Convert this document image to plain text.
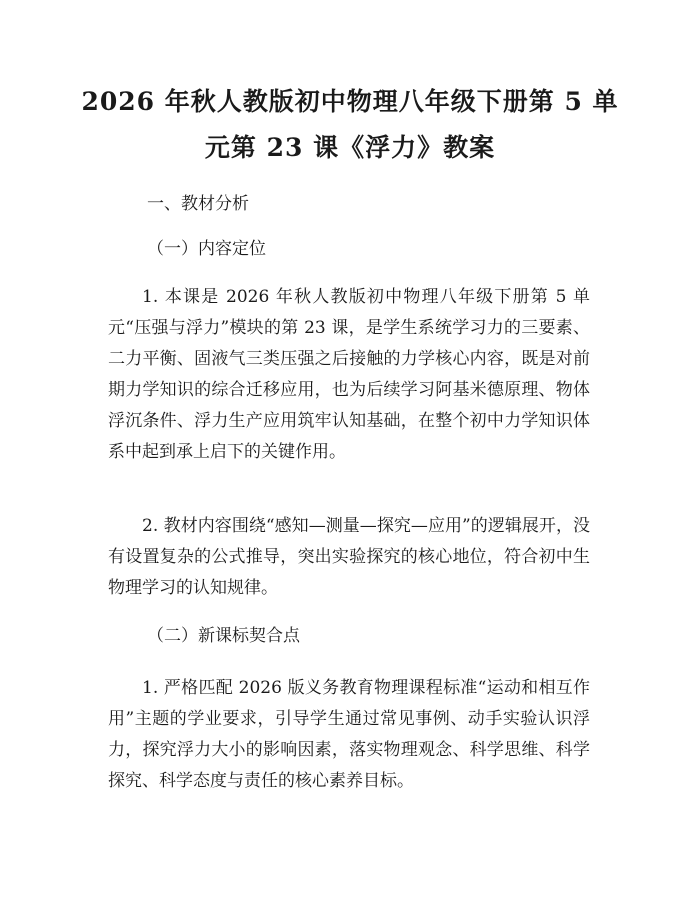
2026 年秋人教版初中物理八年级下册第 5 单
元第 23 课《浮力》教案
一、教材分析
（一）内容定位
1. 本课是 2026 年秋人教版初中物理八年级下册第 5 单元“压强与浮力”模块的第 23 课，是学生系统学习力的三要素、二力平衡、固液气三类压强之后接触的力学核心内容，既是对前期力学知识的综合迁移应用，也为后续学习阿基米德原理、物体浮沉条件、浮力生产应用筑牢认知基础，在整个初中力学知识体系中起到承上启下的关键作用。
2. 教材内容围绕“感知—测量—探究—应用”的逻辑展开，没有设置复杂的公式推导，突出实验探究的核心地位，符合初中生物理学习的认知规律。
（二）新课标契合点
1. 严格匹配 2026 版义务教育物理课程标准“运动和相互作用”主题的学业要求，引导学生通过常见事例、动手实验认识浮力，探究浮力大小的影响因素，落实物理观念、科学思维、科学探究、科学态度与责任的核心素养目标。
